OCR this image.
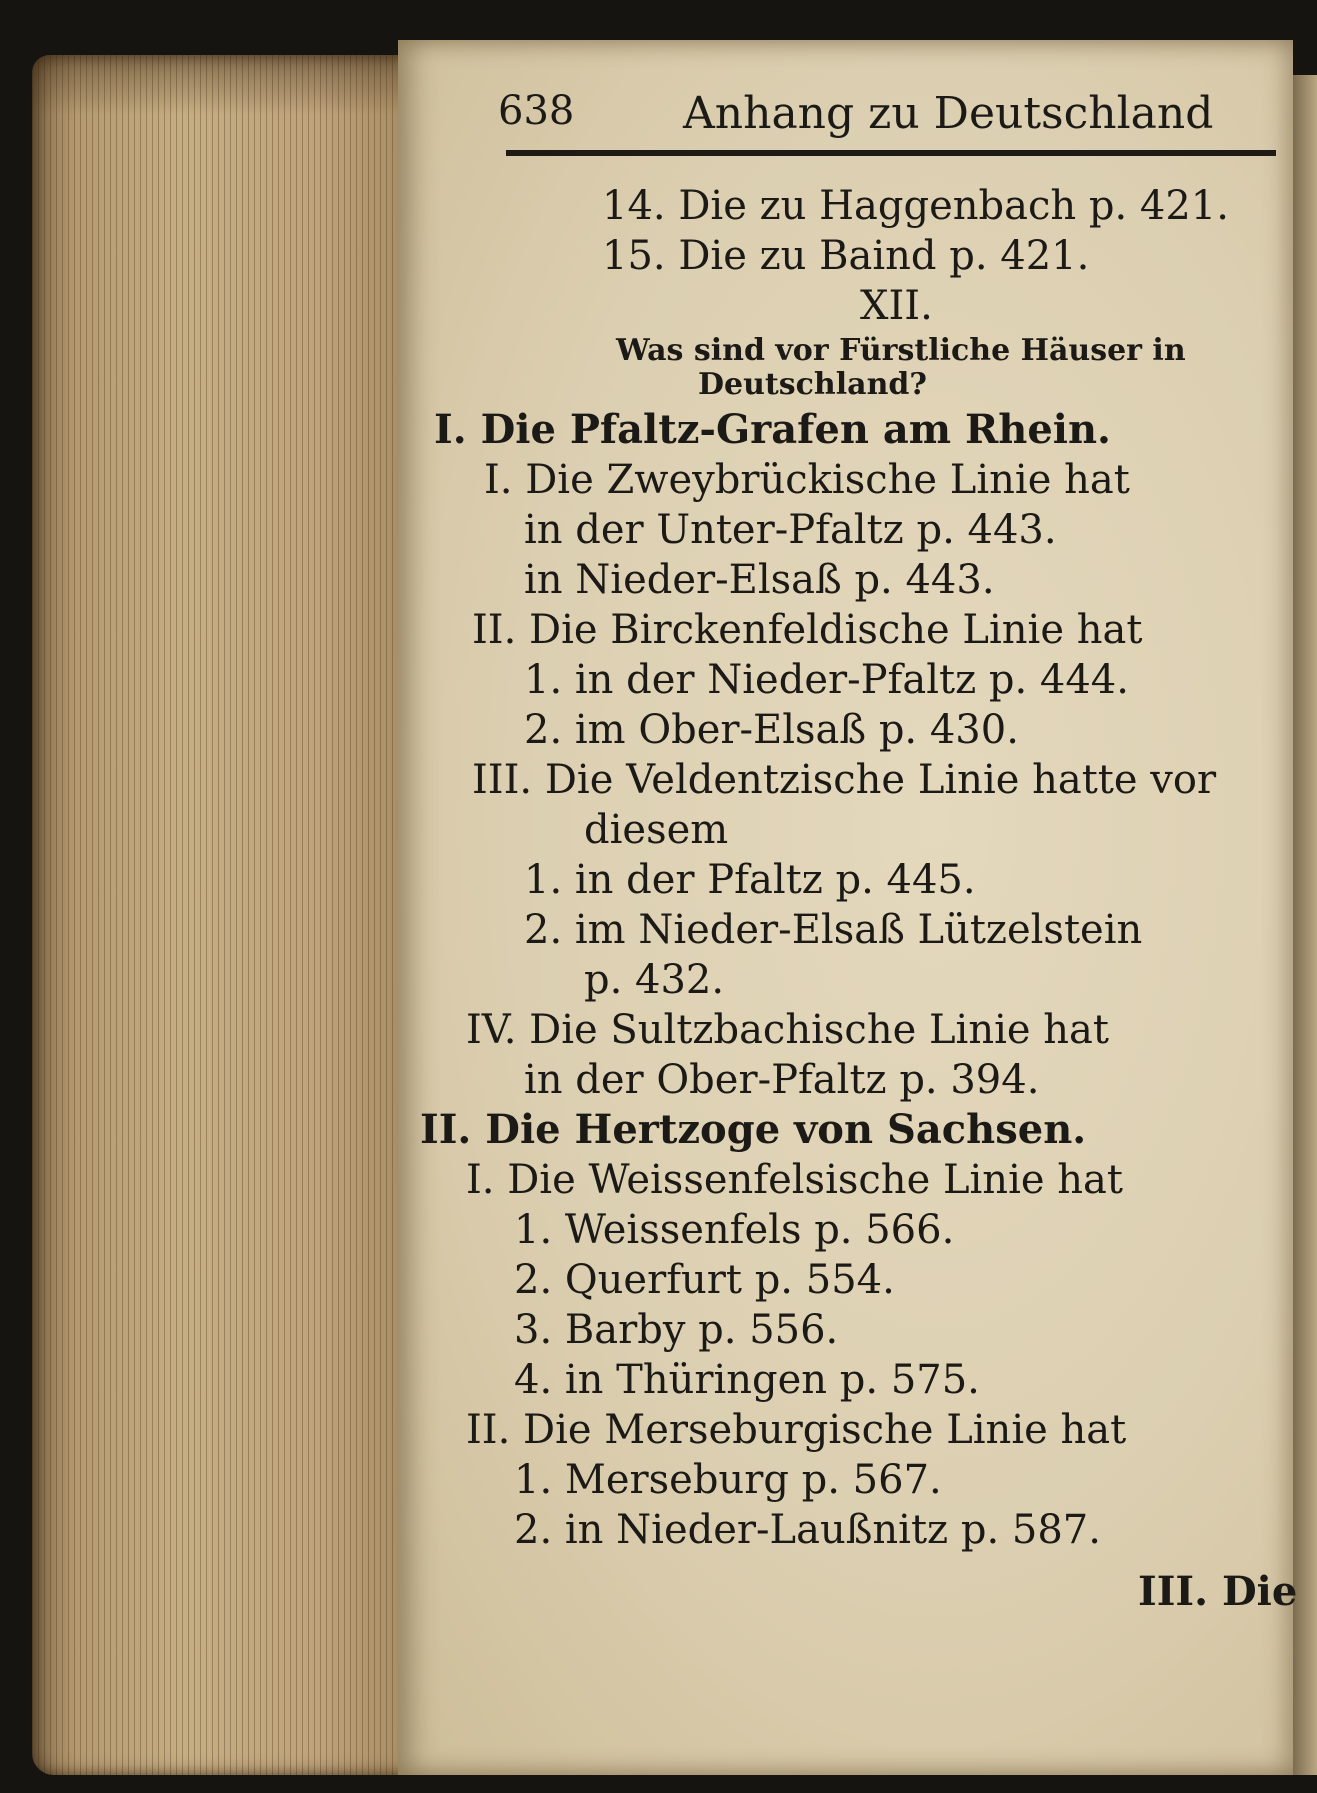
638 Anhang zu Deutschland
14. Die zu Haggenbach p. 421.
15. Die zu Baind p. 421.
XII.
Was sind vor Fürstliche Häuser in
Deutschland?
I. Die Pfaltz-Grafen am Rhein.
I. Die Zweybrückische Linie hat
in der Unter-Pfaltz p. 443.
in Nieder-Elsaß p. 443.
II. Die Birckenfeldische Linie hat
1. in der Nieder-Pfaltz p. 444.
2. im Ober-Elsaß p. 430.
III. Die Veldentzische Linie hatte vor
diesem
1. in der Pfaltz p. 445.
2. im Nieder-Elsaß Lützelstein
p. 432.
IV. Die Sultzbachische Linie hat
in der Ober-Pfaltz p. 394.
II. Die Hertzoge von Sachsen.
I. Die Weissenfelsische Linie hat
1. Weissenfels p. 566.
2. Querfurt p. 554.
3. Barby p. 556.
4. in Thüringen p. 575.
II. Die Merseburgische Linie hat
1. Merseburg p. 567.
2. in Nieder-Laußnitz p. 587.
III. Die
